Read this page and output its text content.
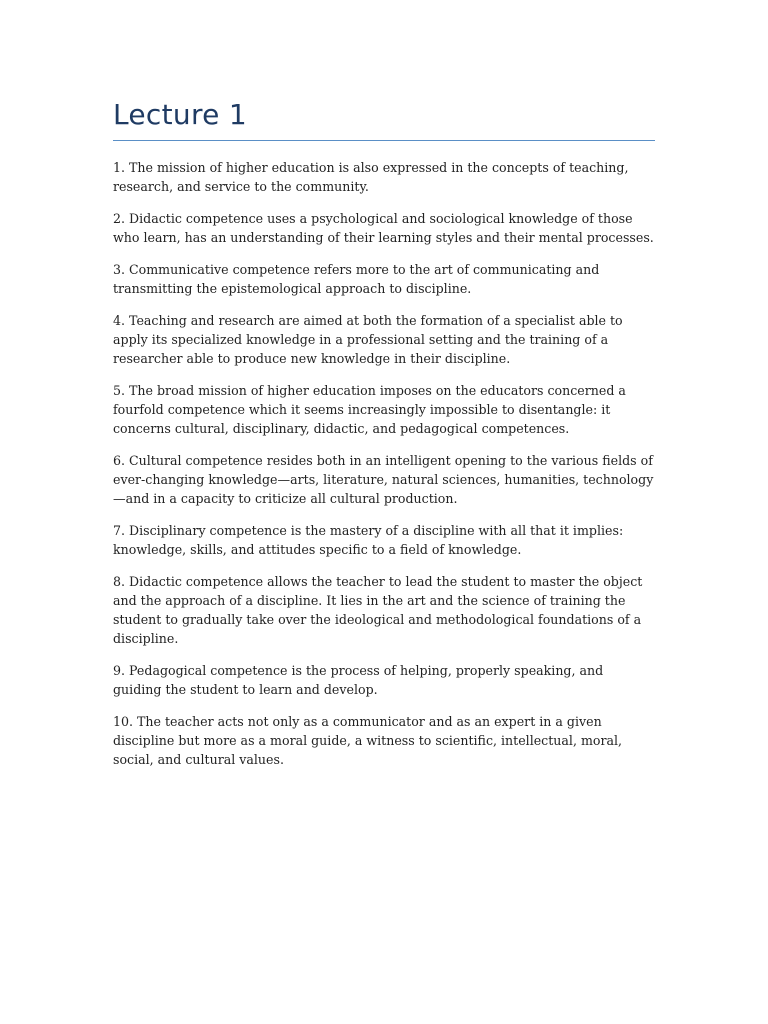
Lecture 1

1. The mission of higher education is also expressed in the concepts of teaching, research, and service to the community.

2. Didactic competence uses a psychological and sociological knowledge of those who learn, has an understanding of their learning styles and their mental processes.

3. Communicative competence refers more to the art of communicating and transmitting the epistemological approach to discipline.

4. Teaching and research are aimed at both the formation of a specialist able to apply its specialized knowledge in a professional setting and the training of a researcher able to produce new knowledge in their discipline.

5. The broad mission of higher education imposes on the educators concerned a fourfold competence which it seems increasingly impossible to disentangle: it concerns cultural, disciplinary, didactic, and pedagogical competences.

6. Cultural competence resides both in an intelligent opening to the various fields of ever-changing knowledge—arts, literature, natural sciences, humanities, technology—and in a capacity to criticize all cultural production.

7. Disciplinary competence is the mastery of a discipline with all that it implies: knowledge, skills, and attitudes specific to a field of knowledge.

8. Didactic competence allows the teacher to lead the student to master the object and the approach of a discipline. It lies in the art and the science of training the student to gradually take over the ideological and methodological foundations of a discipline.

9. Pedagogical competence is the process of helping, properly speaking, and guiding the student to learn and develop.

10. The teacher acts not only as a communicator and as an expert in a given discipline but more as a moral guide, a witness to scientific, intellectual, moral, social, and cultural values.
